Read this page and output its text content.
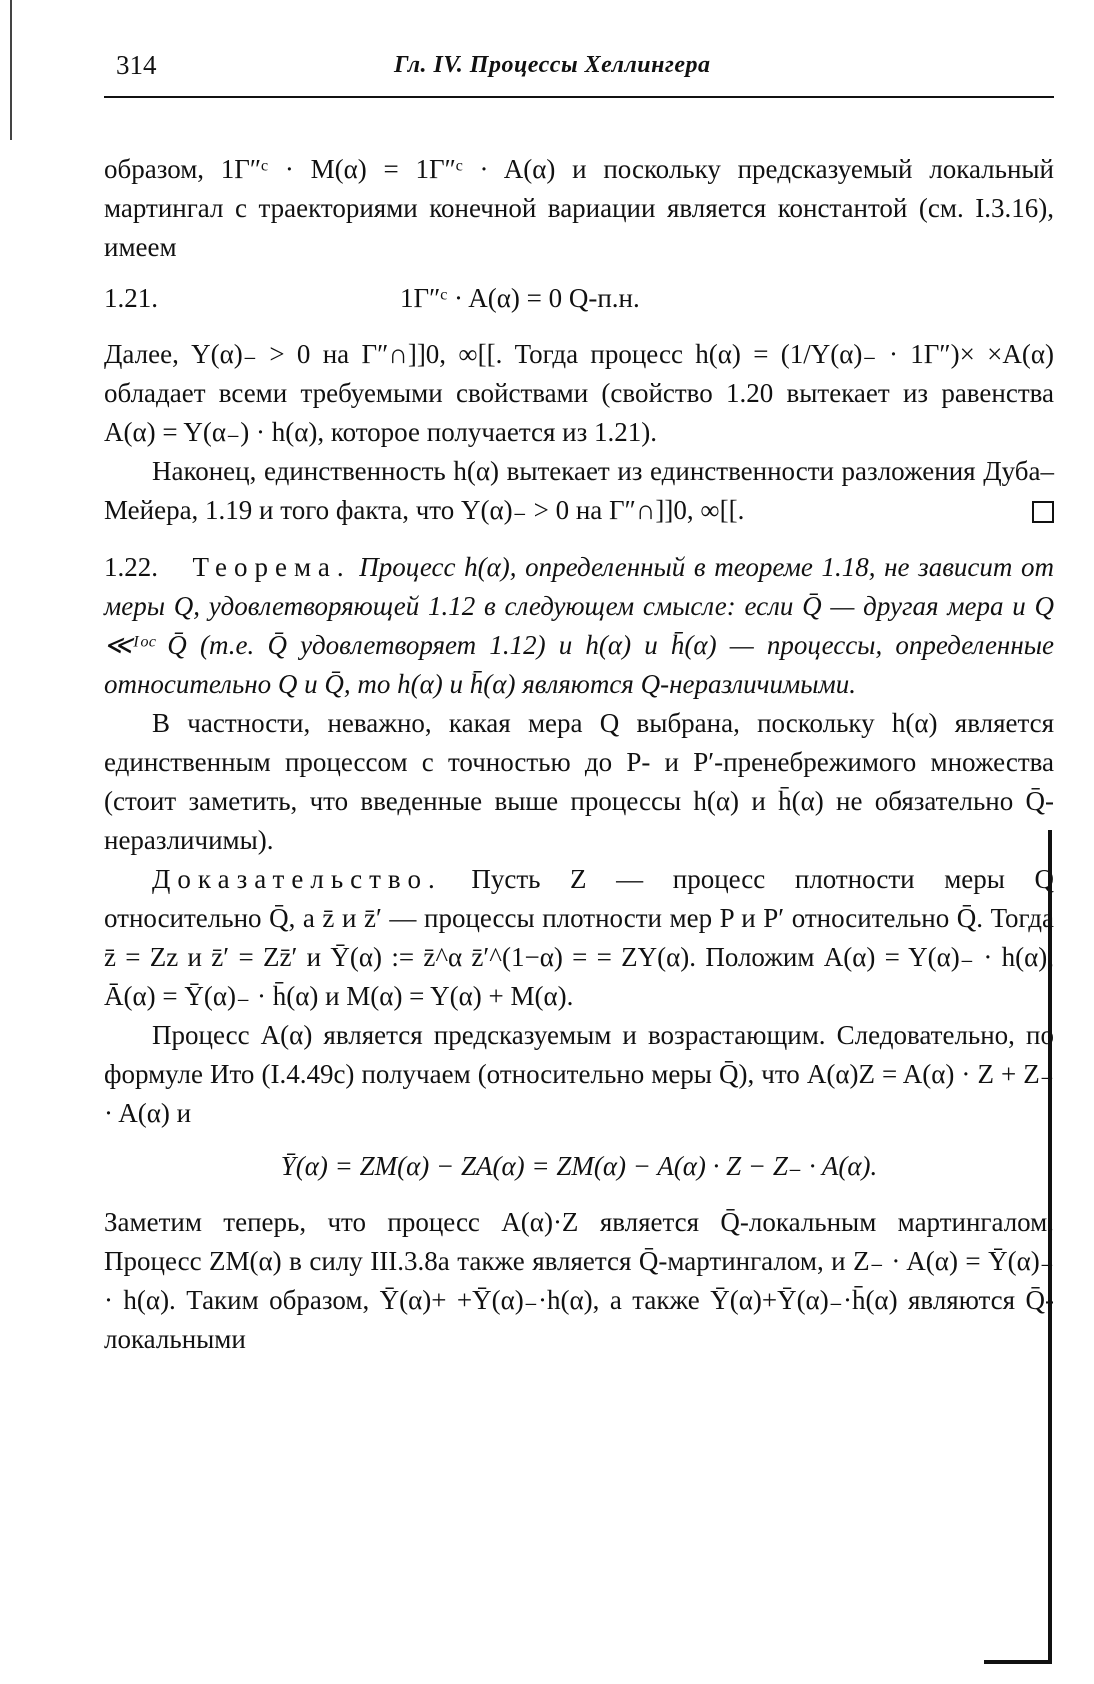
314	Гл. IV. Процессы Хеллингера

образом, 1Γ″ᶜ · M(α) = 1Γ″ᶜ · A(α) и поскольку предсказуемый локальный мартингал с траекториями конечной вариации является константой (см. I.3.16), имеем

1.21.	1Γ″ᶜ · A(α) = 0 Q-п.н.

Далее, Y(α)₋ > 0 на Γ″∩]]0, ∞[[. Тогда процесс h(α) = (1/Y(α)₋ · 1Γ″)× ×A(α) обладает всеми требуемыми свойствами (свойство 1.20 вытекает из равенства A(α) = Y(α₋) · h(α), которое получается из 1.21).

Наконец, единственность h(α) вытекает из единственности разложения Дуба–Мейера, 1.19 и того факта, что Y(α)₋ > 0 на Γ″∩]]0, ∞[[.

1.22. Теорема. Процесс h(α), определенный в теореме 1.18, не зависит от меры Q, удовлетворяющей 1.12 в следующем смысле: если Q̄ — другая мера и Q ≪ᴵᵒᶜ Q̄ (т.е. Q̄ удовлетворяет 1.12) и h(α) и h̄(α) — процессы, определенные относительно Q и Q̄, то h(α) и h̄(α) являются Q-неразличимыми.

В частности, неважно, какая мера Q выбрана, поскольку h(α) является единственным процессом с точностью до P- и P′-пренебрежимого множества (стоит заметить, что введенные выше процессы h(α) и h̄(α) не обязательно Q̄-неразличимы).

Доказательство. Пусть Z — процесс плотности меры Q относительно Q̄, а z̄ и z̄′ — процессы плотности мер P и P′ относительно Q̄. Тогда z̄ = Zz и z̄′ = Zz̄′ и Ȳ(α) := z̄^α z̄′^(1−α) = = ZY(α). Положим A(α) = Y(α)₋ · h(α), Ā(α) = Ȳ(α)₋ · h̄(α) и M(α) = Y(α) + M(α).

Процесс A(α) является предсказуемым и возрастающим. Следовательно, по формуле Ито (I.4.49c) получаем (относительно меры Q̄), что A(α)Z = A(α) · Z + Z₋ · A(α) и

Ȳ(α) = ZM(α) − ZA(α) = ZM(α) − A(α) · Z − Z₋ · A(α).

Заметим теперь, что процесс A(α)·Z является Q̄-локальным мартингалом. Процесс ZM(α) в силу III.3.8a также является Q̄-мартингалом, и Z₋ · A(α) = Ȳ(α)₋ · h(α). Таким образом, Ȳ(α)+ +Ȳ(α)₋·h(α), а также Ȳ(α)+Ȳ(α)₋·h̄(α) являются Q̄-локальными
